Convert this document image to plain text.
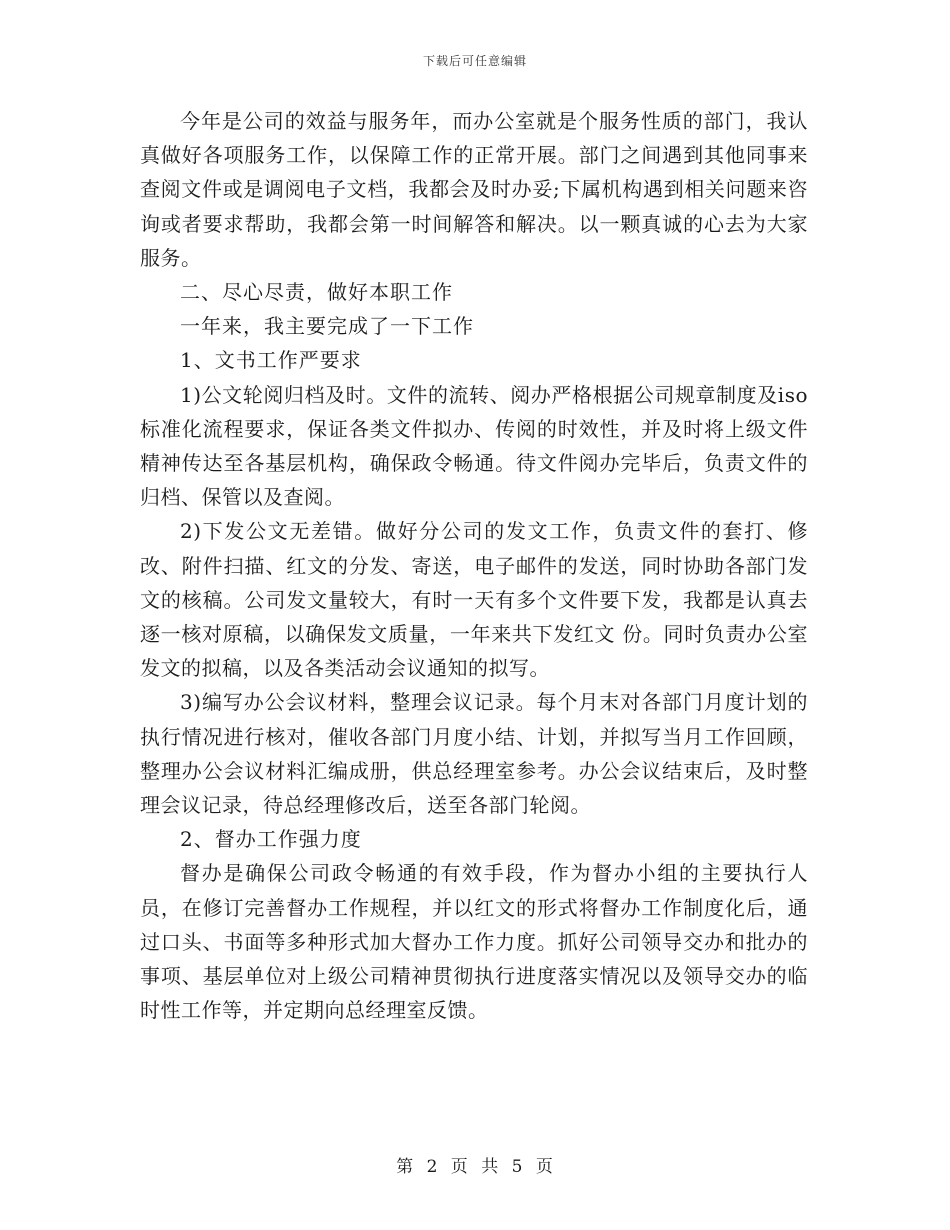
下载后可任意编辑

今年是公司的效益与服务年，而办公室就是个服务性质的部门，我认真做好各项服务工作，以保障工作的正常开展。部门之间遇到其他同事来查阅文件或是调阅电子文档，我都会及时办妥;下属机构遇到相关问题来咨询或者要求帮助，我都会第一时间解答和解决。以一颗真诚的心去为大家服务。

二、尽心尽责，做好本职工作

一年来，我主要完成了一下工作

1、文书工作严要求

1)公文轮阅归档及时。文件的流转、阅办严格根据公司规章制度及iso标准化流程要求，保证各类文件拟办、传阅的时效性，并及时将上级文件精神传达至各基层机构，确保政令畅通。待文件阅办完毕后，负责文件的归档、保管以及查阅。

2)下发公文无差错。做好分公司的发文工作，负责文件的套打、修改、附件扫描、红文的分发、寄送，电子邮件的发送，同时协助各部门发文的核稿。公司发文量较大，有时一天有多个文件要下发，我都是认真去逐一核对原稿，以确保发文质量，一年来共下发红文 份。同时负责办公室发文的拟稿，以及各类活动会议通知的拟写。

3)编写办公会议材料，整理会议记录。每个月末对各部门月度计划的执行情况进行核对，催收各部门月度小结、计划，并拟写当月工作回顾，整理办公会议材料汇编成册，供总经理室参考。办公会议结束后，及时整理会议记录，待总经理修改后，送至各部门轮阅。

2、督办工作强力度

督办是确保公司政令畅通的有效手段，作为督办小组的主要执行人员，在修订完善督办工作规程，并以红文的形式将督办工作制度化后，通过口头、书面等多种形式加大督办工作力度。抓好公司领导交办和批办的事项、基层单位对上级公司精神贯彻执行进度落实情况以及领导交办的临时性工作等，并定期向总经理室反馈。

第 2 页 共 5 页
